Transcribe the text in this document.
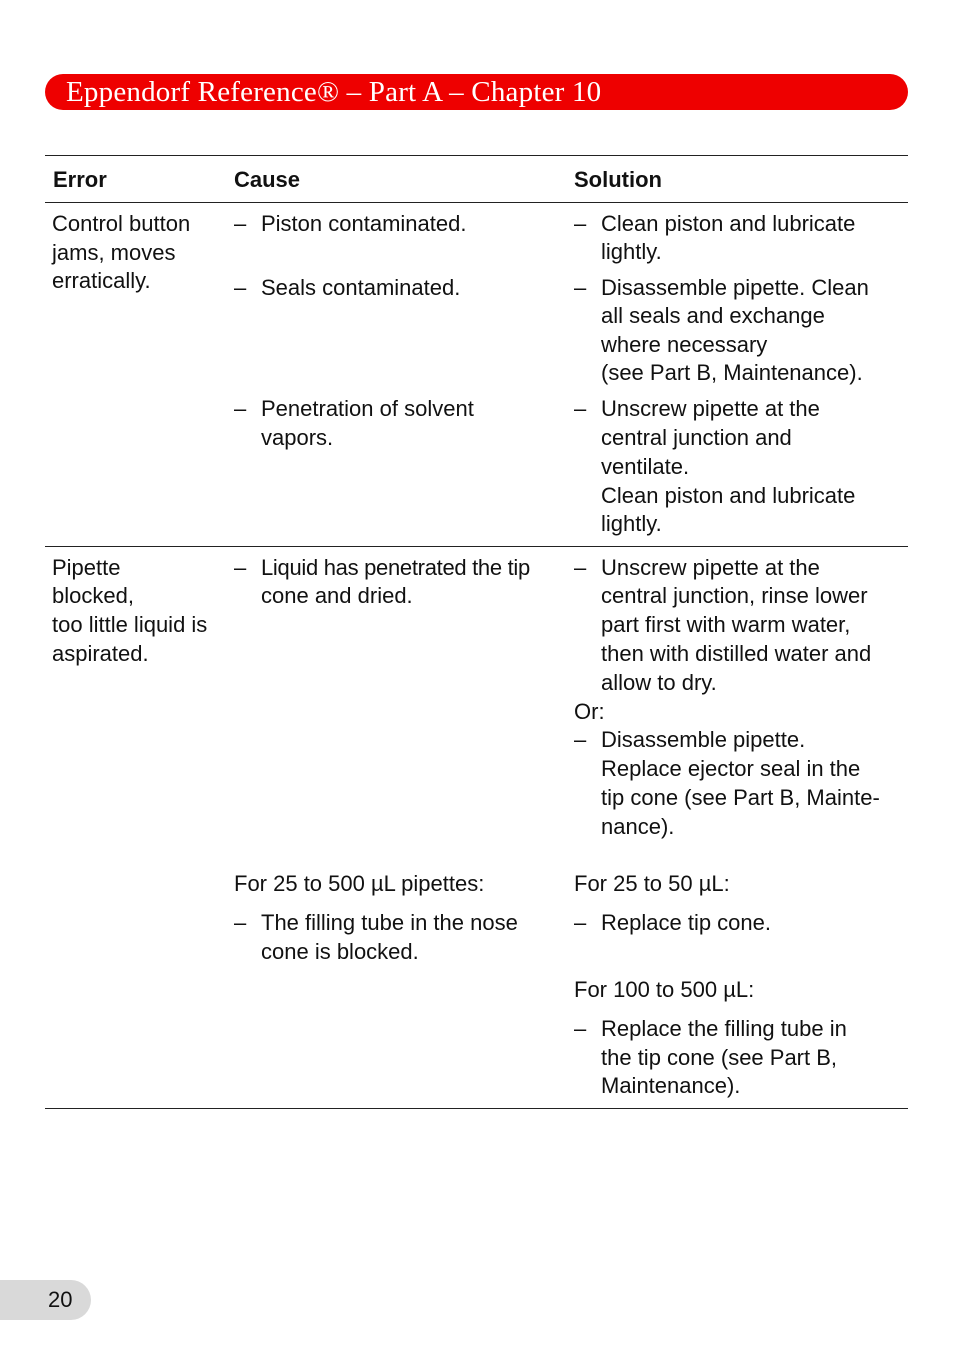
Eppendorf Reference® – Part A – Chapter 10
Error	Cause	Solution
Control button
jams, moves
erratically.
– Piston contaminated.
– Seals contaminated.
– Penetration of solvent
vapors.
– Clean piston and lubricate
lightly.
– Disassemble pipette. Clean
all seals and exchange
where necessary
(see Part B, Maintenance).
– Unscrew pipette at the
central junction and
ventilate.
Clean piston and lubricate
lightly.
Pipette
blocked,
too little liquid is
aspirated.
– Liquid has penetrated the tip
cone and dried.
For 25 to 500 µL pipettes:
– The filling tube in the nose
cone is blocked.
– Unscrew pipette at the
central junction, rinse lower
part first with warm water,
then with distilled water and
allow to dry.
Or:
– Disassemble pipette.
Replace ejector seal in the
tip cone (see Part B, Mainte-
nance).
For 25 to 50 µL:
– Replace tip cone.
For 100 to 500 µL:
– Replace the filling tube in
the tip cone (see Part B,
Maintenance).
20
